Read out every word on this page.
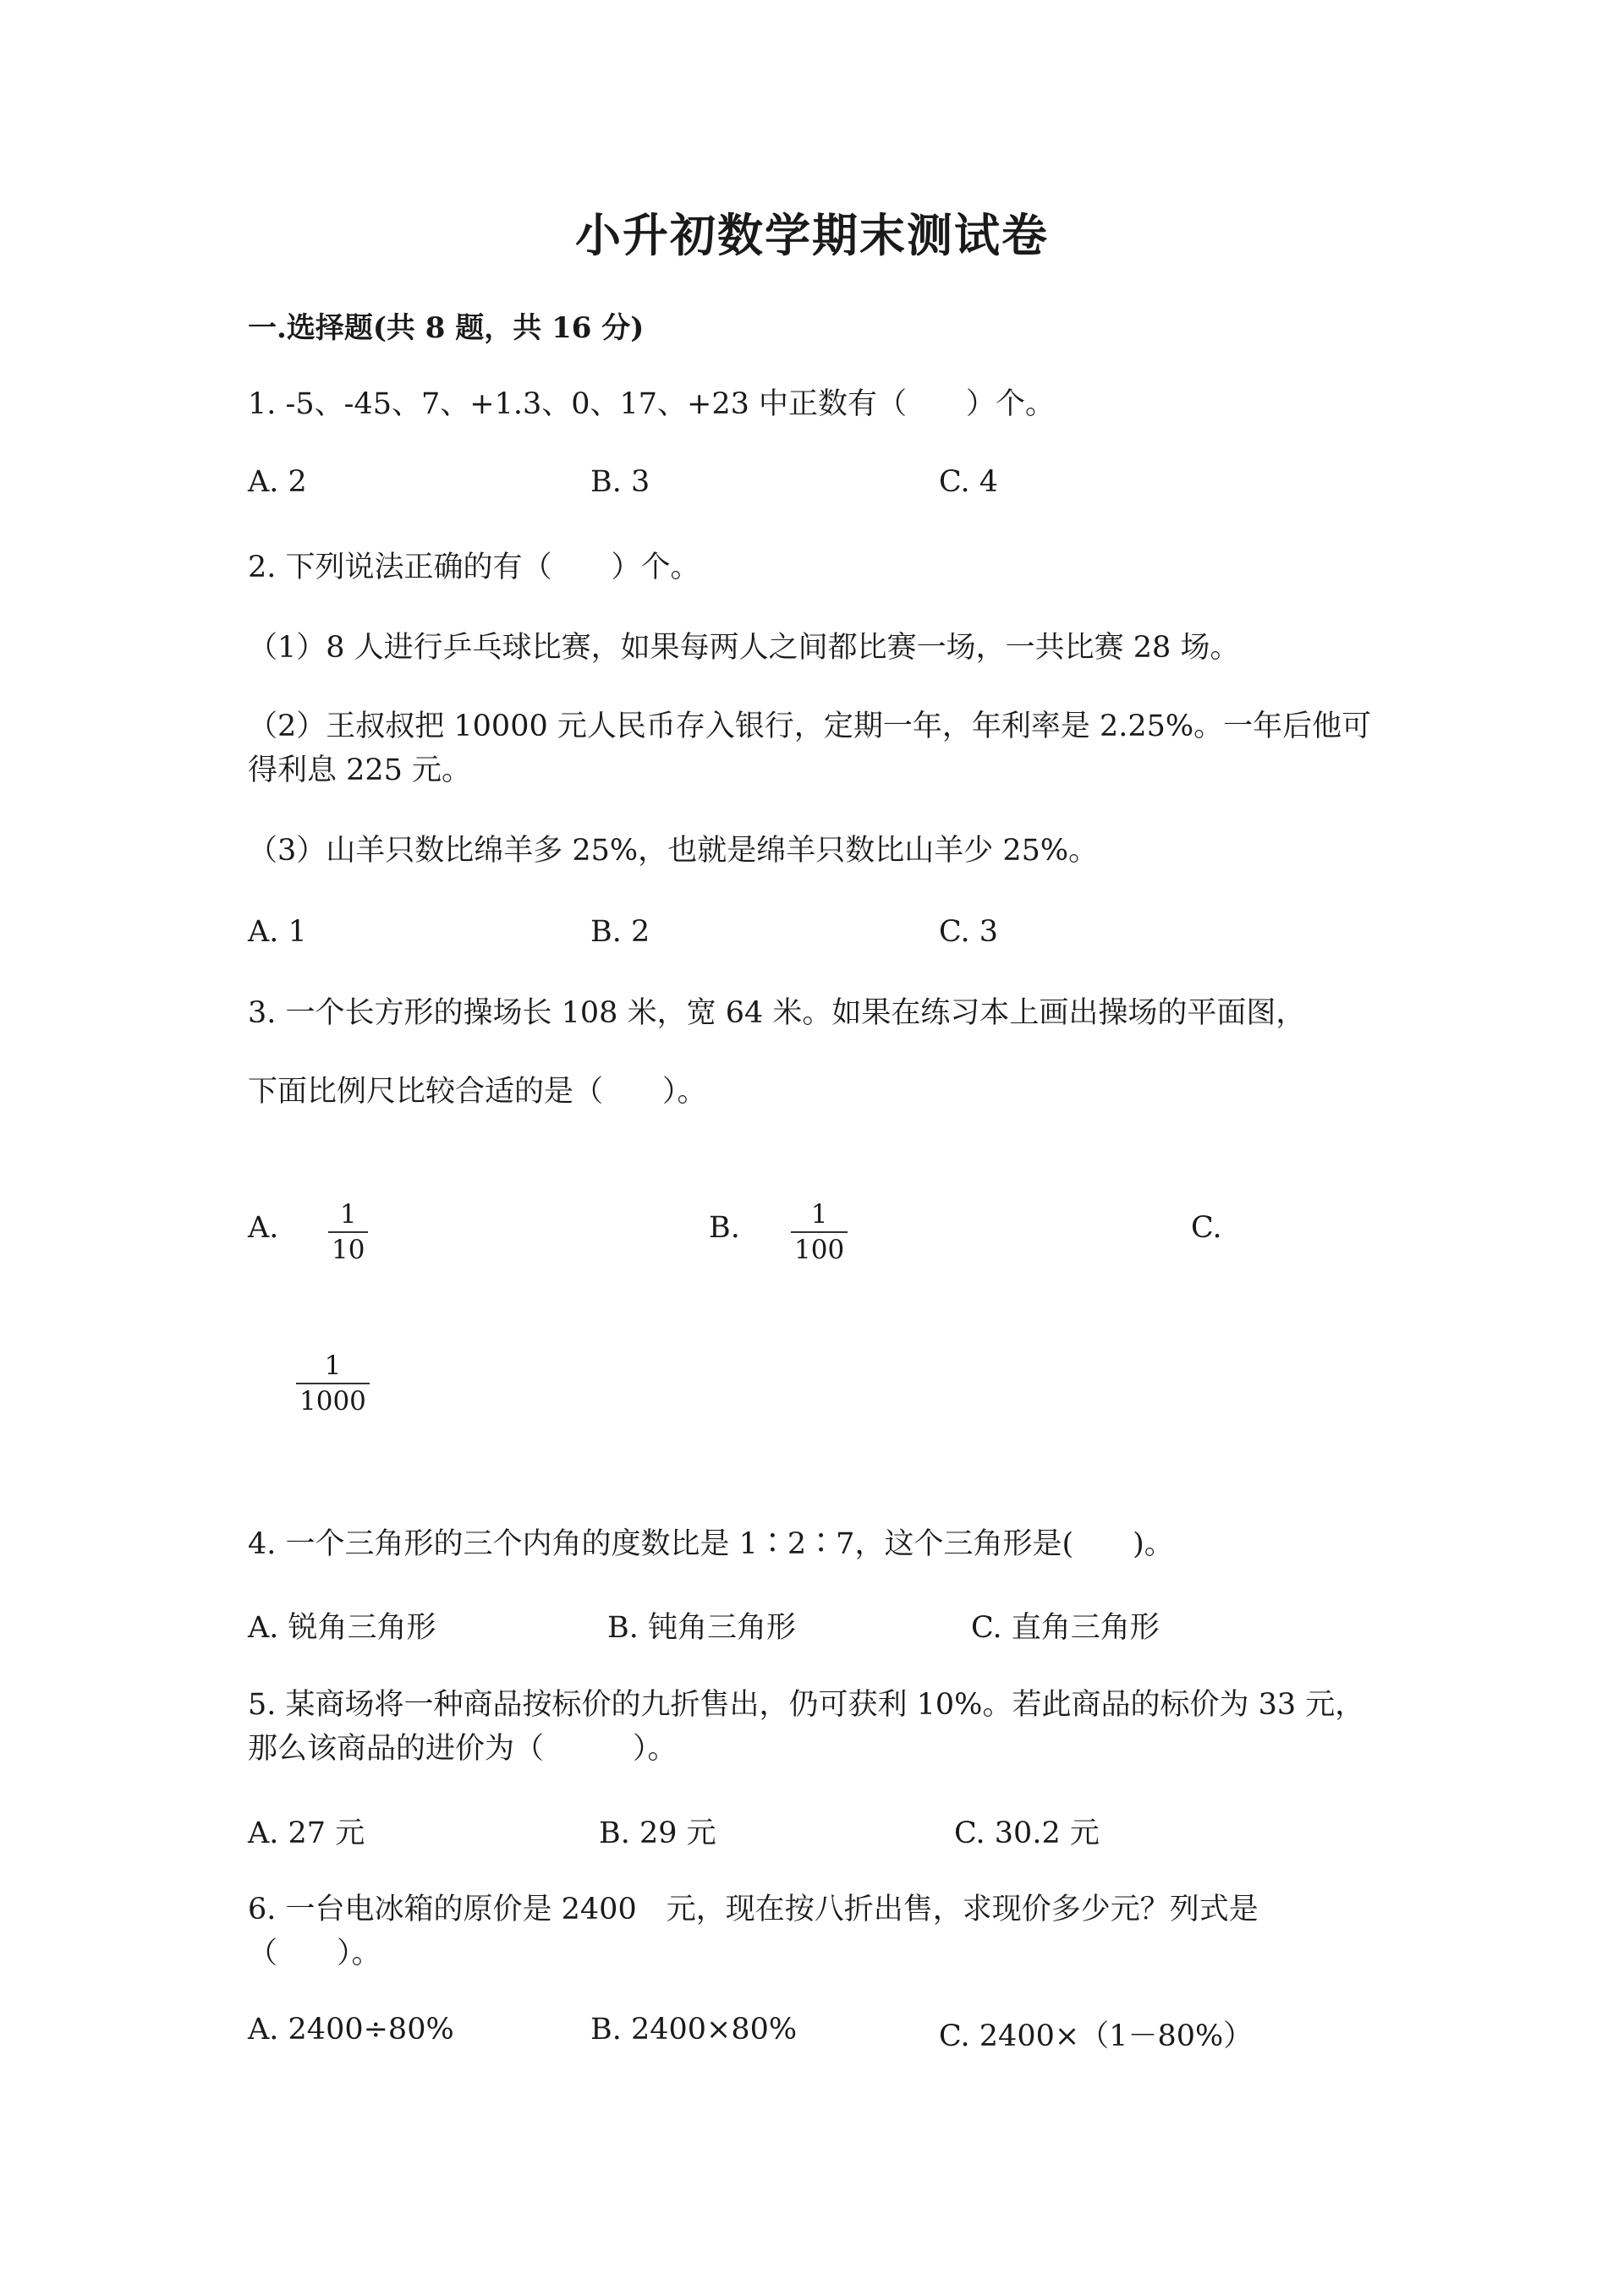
小升初数学期末测试卷
一.选择题(共 8 题，共 16 分)
1. -5、-45、7、+1.3、0、17、+23 中正数有（　　）个。
A. 2	B. 3	C. 4
2. 下列说法正确的有（　　）个。
（1）8 人进行乒乓球比赛，如果每两人之间都比赛一场，一共比赛 28 场。
（2）王叔叔把 10000 元人民币存入银行，定期一年，年利率是 2.25%。一年后他可得利息 225 元。
（3）山羊只数比绵羊多 25%，也就是绵羊只数比山羊少 25%。
A. 1	B. 2	C. 3
3. 一个长方形的操场长 108 米，宽 64 米。如果在练习本上画出操场的平面图，
下面比例尺比较合适的是（　　）。
A. 1
10
B.	1
100
C.
1
1000
4. 一个三角形的三个内角的度数比是 1∶2∶7，这个三角形是(　　)。
A. 锐角三角形	B. 钝角三角形	C. 直角三角形
5. 某商场将一种商品按标价的九折售出，仍可获利 10%。若此商品的标价为 33 元，那么该商品的进价为（　　　）。
A. 27 元	B. 29 元	C. 30.2 元
6. 一台电冰箱的原价是 2400　元，现在按八折出售，求现价多少元？列式是（　　）。
A. 2400÷80%	B. 2400×80%	C. 2400×（1－80%）
